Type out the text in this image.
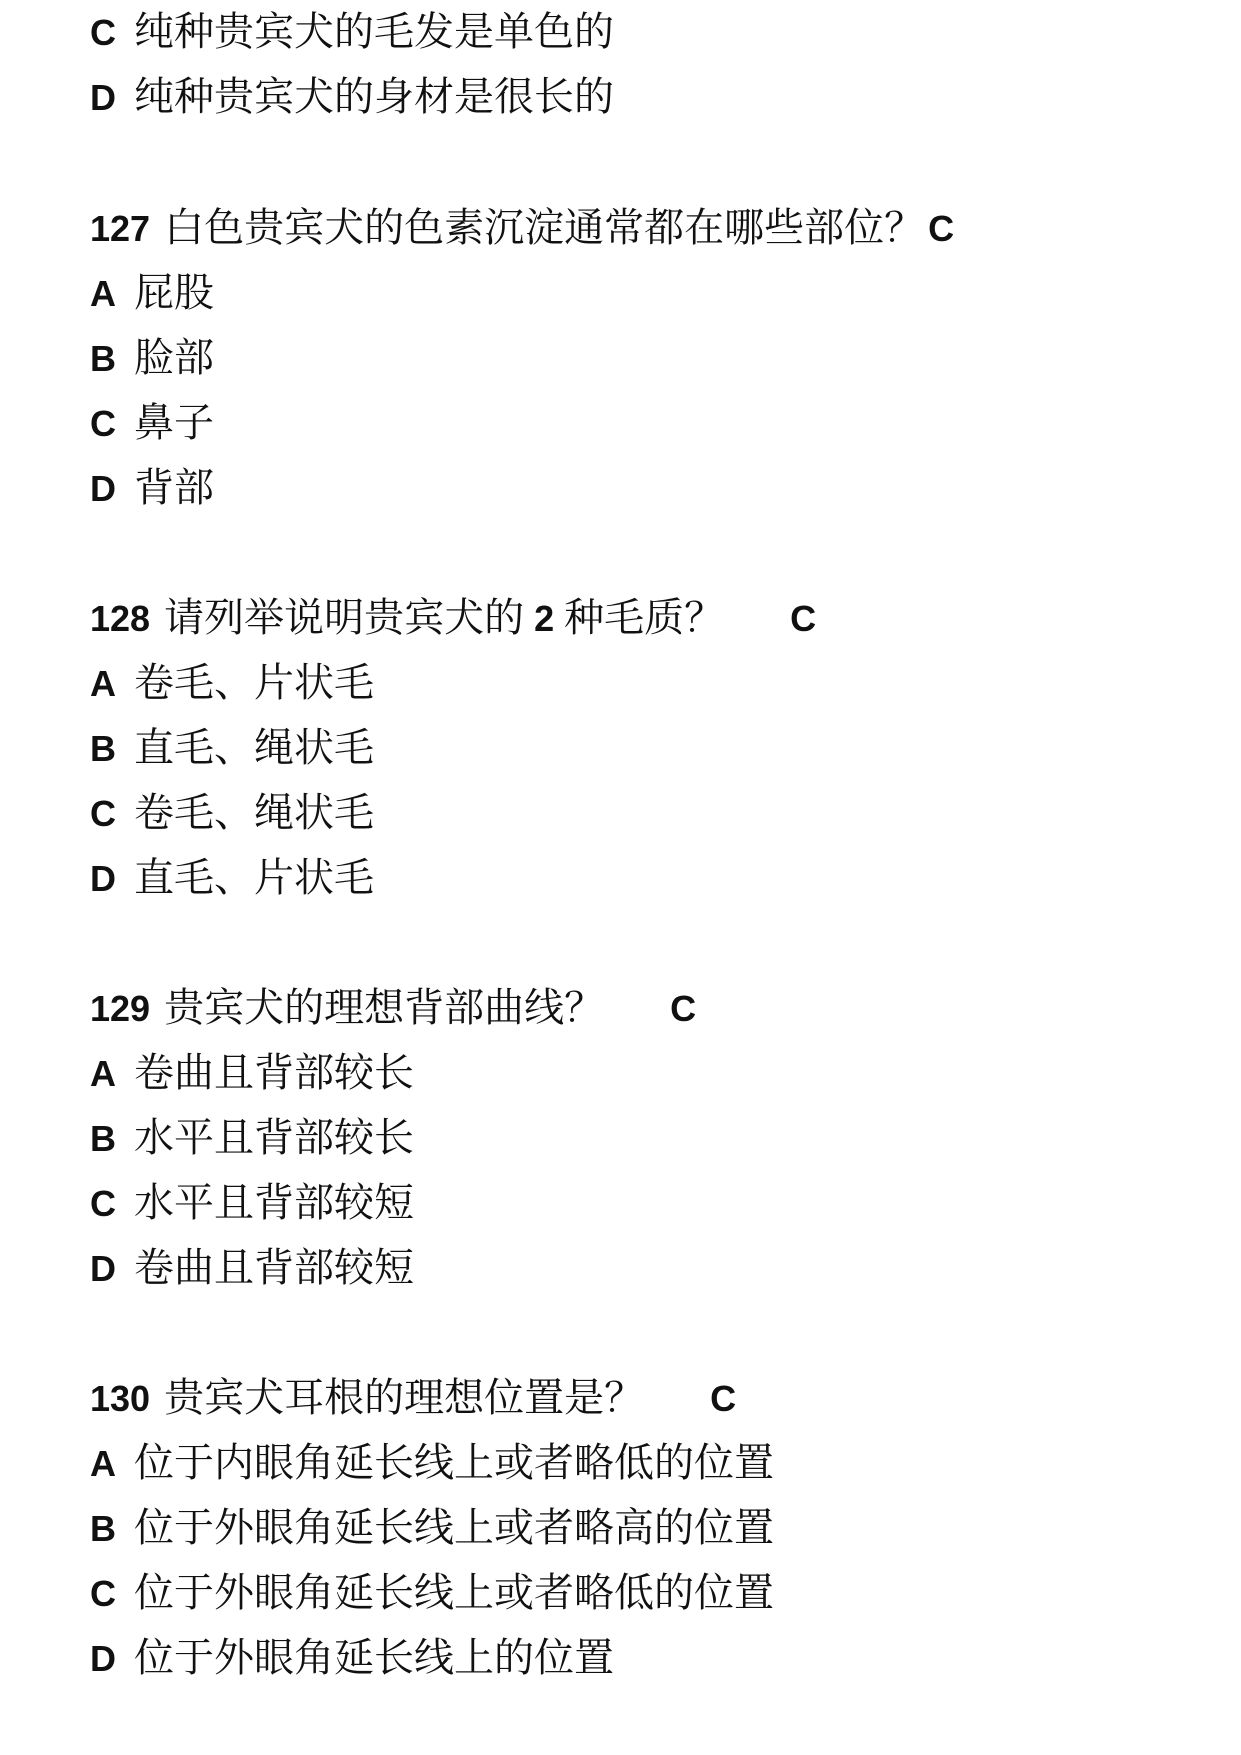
C 纯种贵宾犬的毛发是单色的
D 纯种贵宾犬的身材是很长的
127 白色贵宾犬的色素沉淀通常都在哪些部位？ C
A 屁股
B 脸部
C 鼻子
D 背部
128 请列举说明贵宾犬的 2 种毛质？ C
A 卷毛、片状毛
B 直毛、绳状毛
C 卷毛、绳状毛
D 直毛、片状毛
129 贵宾犬的理想背部曲线？ C
A 卷曲且背部较长
B 水平且背部较长
C 水平且背部较短
D 卷曲且背部较短
130 贵宾犬耳根的理想位置是？ C
A 位于内眼角延长线上或者略低的位置
B 位于外眼角延长线上或者略高的位置
C 位于外眼角延长线上或者略低的位置
D 位于外眼角延长线上的位置
